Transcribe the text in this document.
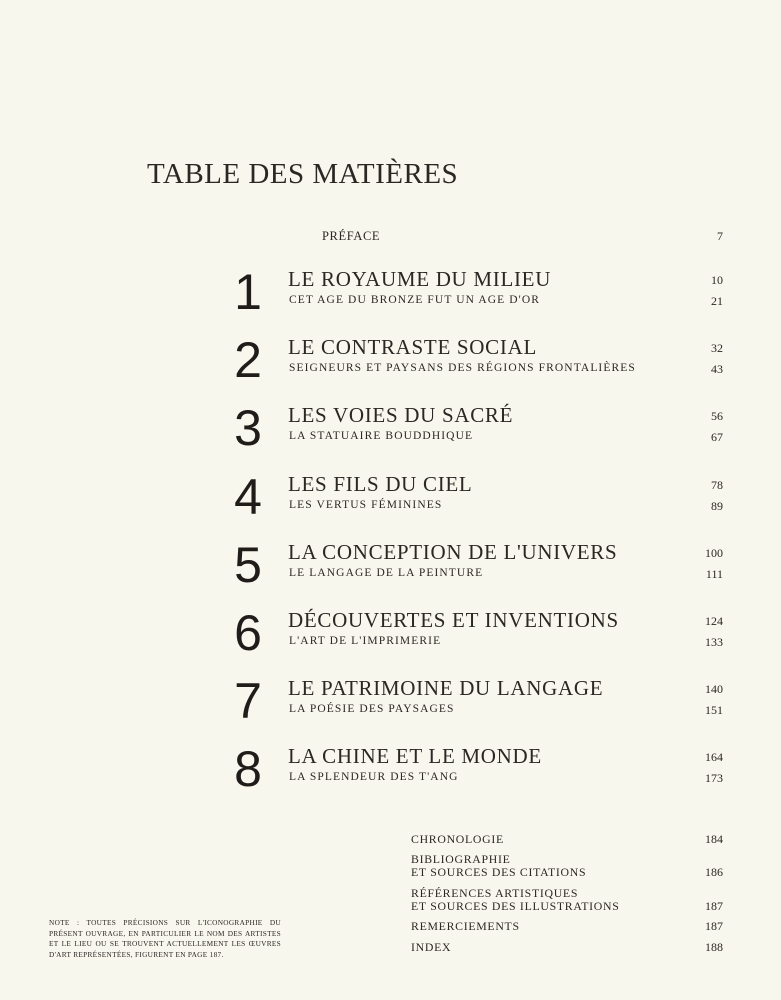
TABLE DES MATIÈRES
PRÉFACE	7
1	LE ROYAUME DU MILIEU	10
CET AGE DU BRONZE FUT UN AGE D'OR	21
2	LE CONTRASTE SOCIAL	32
SEIGNEURS ET PAYSANS DES RÉGIONS FRONTALIÈRES	43
3	LES VOIES DU SACRÉ	56
LA STATUAIRE BOUDDHIQUE	67
4	LES FILS DU CIEL	78
LES VERTUS FÉMININES	89
5	LA CONCEPTION DE L'UNIVERS	100
LE LANGAGE DE LA PEINTURE	111
6	DÉCOUVERTES ET INVENTIONS	124
L'ART DE L'IMPRIMERIE	133
7	LE PATRIMOINE DU LANGAGE	140
LA POÉSIE DES PAYSAGES	151
8	LA CHINE ET LE MONDE	164
LA SPLENDEUR DES T'ANG	173
CHRONOLOGIE	184
BIBLIOGRAPHIE
ET SOURCES DES CITATIONS	186
RÉFÉRENCES ARTISTIQUES
ET SOURCES DES ILLUSTRATIONS	187
REMERCIEMENTS	187
INDEX	188
NOTE : TOUTES PRÉCISIONS SUR L'ICONOGRAPHIE DU PRÉSENT OUVRAGE, EN PARTICULIER LE NOM DES ARTISTES ET LE LIEU OU SE TROUVENT ACTUELLEMENT LES ŒUVRES D'ART REPRÉSENTÉES, FIGURENT EN PAGE 187.
